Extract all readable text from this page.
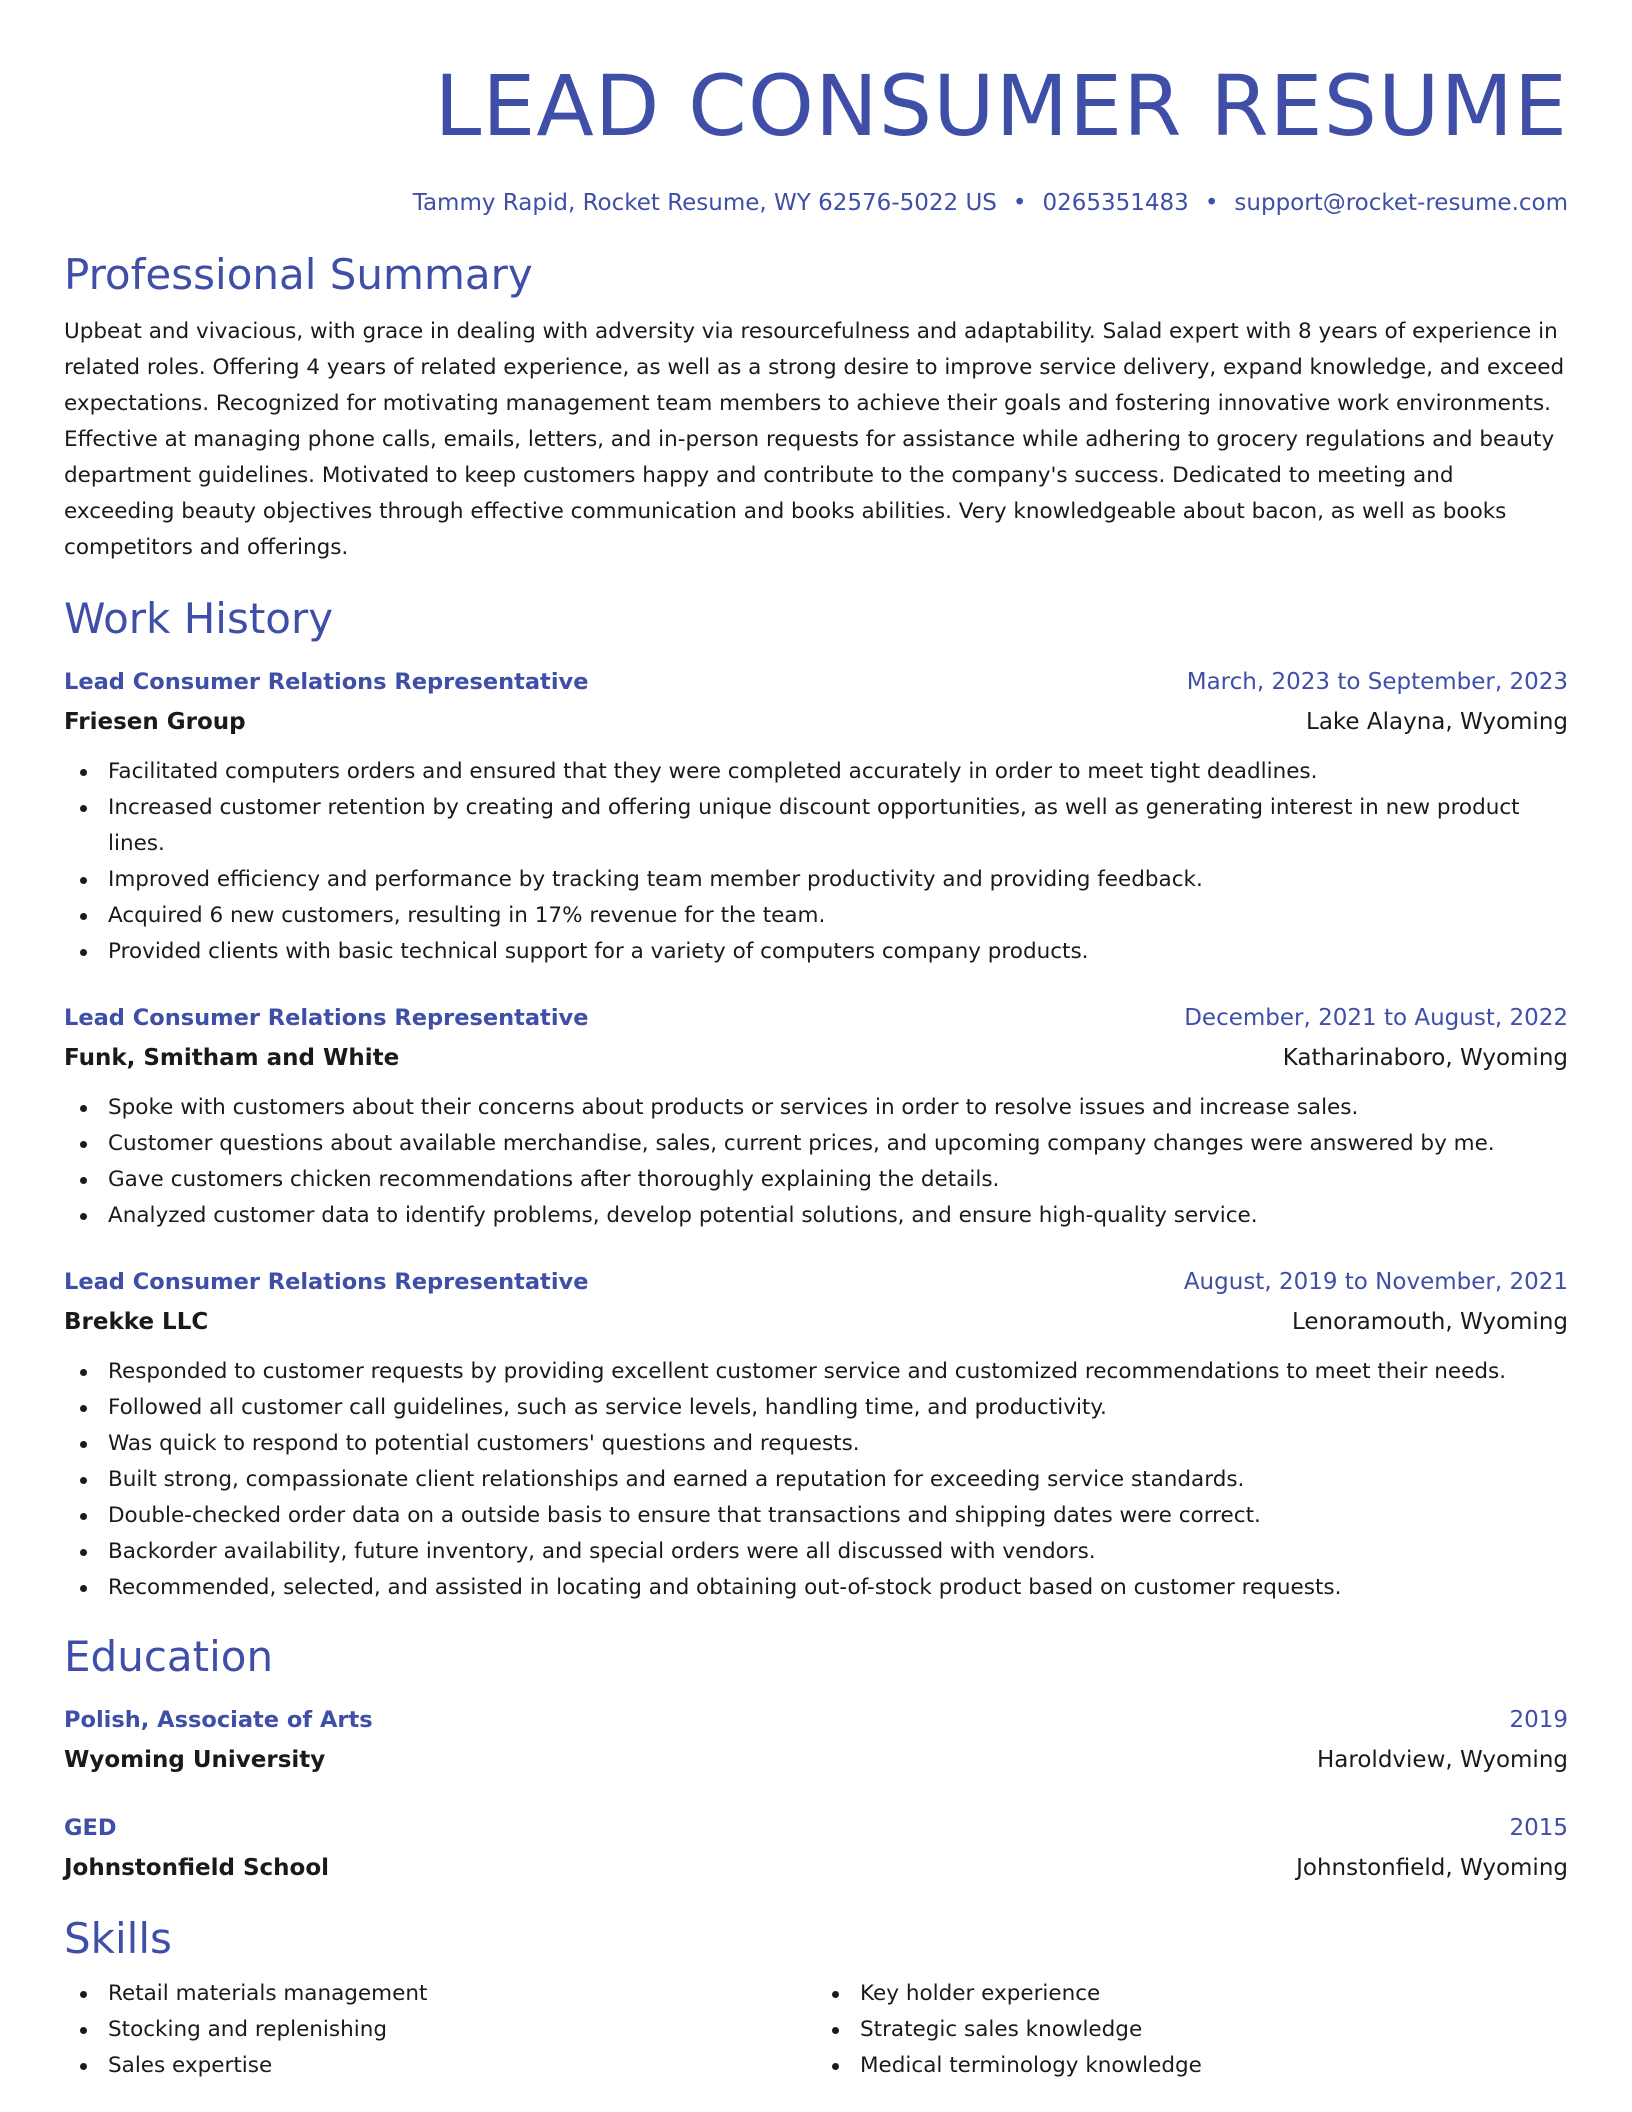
LEAD CONSUMER RESUME
Tammy Rapid, Rocket Resume, WY 62576-5022 US • 0265351483 • support@rocket-resume.com
Professional Summary

Upbeat and vivacious, with grace in dealing with adversity via resourcefulness and adaptability. Salad expert with 8 years of experience in related roles. Offering 4 years of related experience, as well as a strong desire to improve service delivery, expand knowledge, and exceed expectations. Recognized for motivating management team members to achieve their goals and fostering innovative work environments. Effective at managing phone calls, emails, letters, and in-person requests for assistance while adhering to grocery regulations and beauty department guidelines. Motivated to keep customers happy and contribute to the company's success. Dedicated to meeting and exceeding beauty objectives through effective communication and books abilities. Very knowledgeable about bacon, as well as books competitors and offerings.

Work History
Lead Consumer Relations Representative	March, 2023 to September, 2023
Friesen Group	Lake Alayna, Wyoming
Facilitated computers orders and ensured that they were completed accurately in order to meet tight deadlines.
Increased customer retention by creating and offering unique discount opportunities, as well as generating interest in new product lines.
Improved efficiency and performance by tracking team member productivity and providing feedback.
Acquired 6 new customers, resulting in 17% revenue for the team.
Provided clients with basic technical support for a variety of computers company products.
Lead Consumer Relations Representative	December, 2021 to August, 2022
Funk, Smitham and White	Katharinaboro, Wyoming
Spoke with customers about their concerns about products or services in order to resolve issues and increase sales.
Customer questions about available merchandise, sales, current prices, and upcoming company changes were answered by me.
Gave customers chicken recommendations after thoroughly explaining the details.
Analyzed customer data to identify problems, develop potential solutions, and ensure high-quality service.
Lead Consumer Relations Representative	August, 2019 to November, 2021
Brekke LLC	Lenoramouth, Wyoming
Responded to customer requests by providing excellent customer service and customized recommendations to meet their needs.
Followed all customer call guidelines, such as service levels, handling time, and productivity.
Was quick to respond to potential customers' questions and requests.
Built strong, compassionate client relationships and earned a reputation for exceeding service standards.
Double-checked order data on a outside basis to ensure that transactions and shipping dates were correct.
Backorder availability, future inventory, and special orders were all discussed with vendors.
Recommended, selected, and assisted in locating and obtaining out-of-stock product based on customer requests.
Education
Polish, Associate of Arts	2019
Wyoming University	Haroldview, Wyoming
GED	2015
Johnstonfield School	Johnstonfield, Wyoming
Skills
Retail materials management
Stocking and replenishing
Sales expertise
Key holder experience
Strategic sales knowledge
Medical terminology knowledge
